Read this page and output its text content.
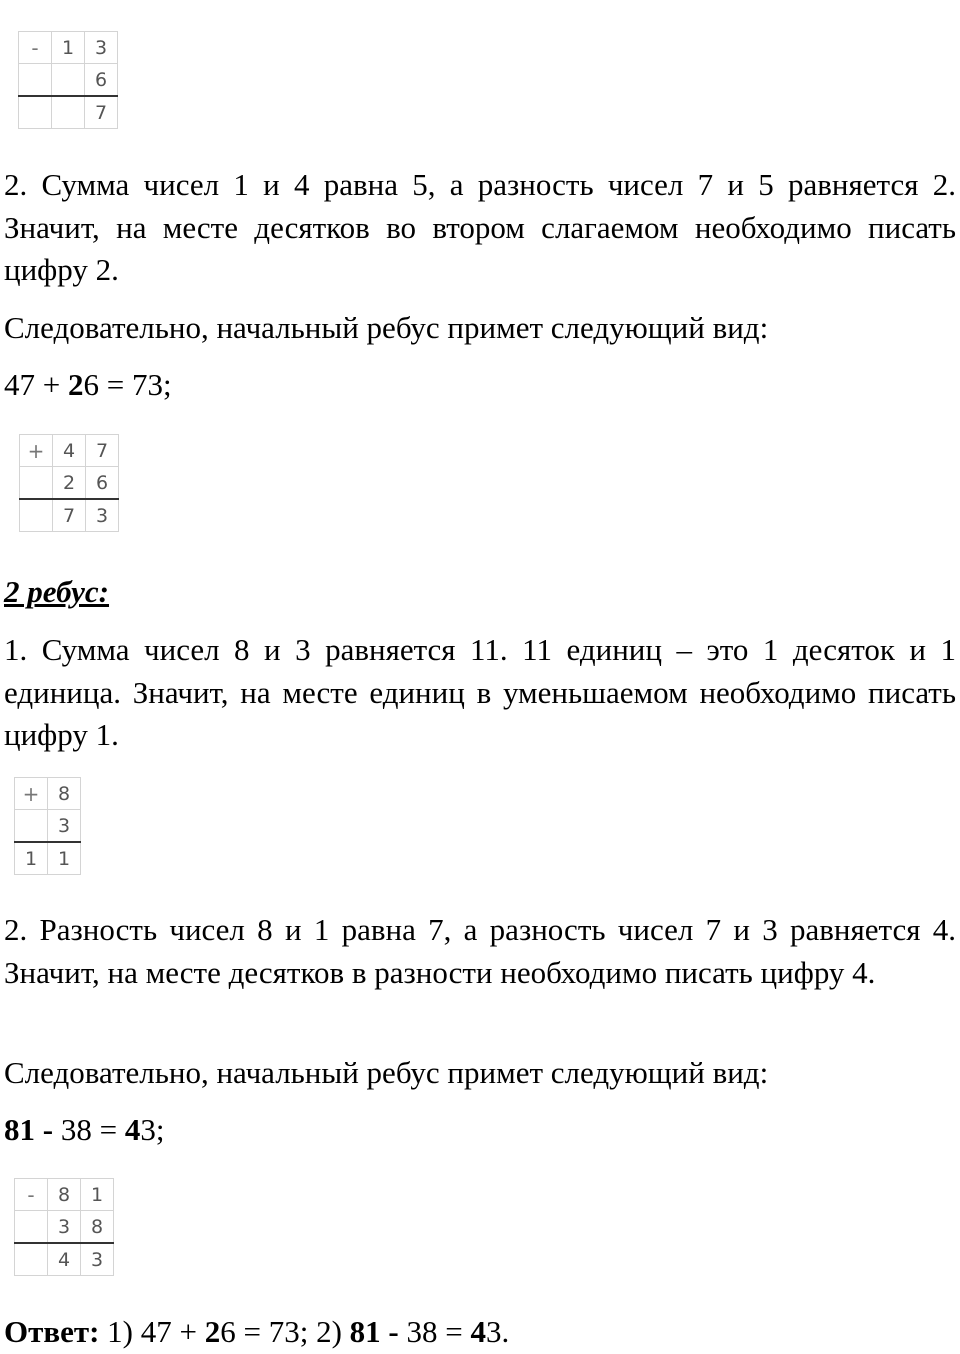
-	1	3
		6
		7

2. Сумма чисел 1 и 4 равна 5, а разность чисел 7 и 5 равняется 2. Значит, на месте десятков во втором слагаемом необходимо писать цифру 2.

Следовательно, начальный ребус примет следующий вид:

47 + 26 = 73;

+	4	7
	2	6
	7	3

2 ребус:

1. Сумма чисел 8 и 3 равняется 11. 11 единиц – это 1 десяток и 1 единица. Значит, на месте единиц в уменьшаемом необходимо писать цифру 1.

+	8
	3
1	1

2. Разность чисел 8 и 1 равна 7, а разность чисел 7 и 3 равняется 4. Значит, на месте десятков в разности необходимо писать цифру 4.

Следовательно, начальный ребус примет следующий вид:

81 - 38 = 43;

-	8	1
	3	8
	4	3

Ответ: 1) 47 + 26 = 73; 2) 81 - 38 = 43.
